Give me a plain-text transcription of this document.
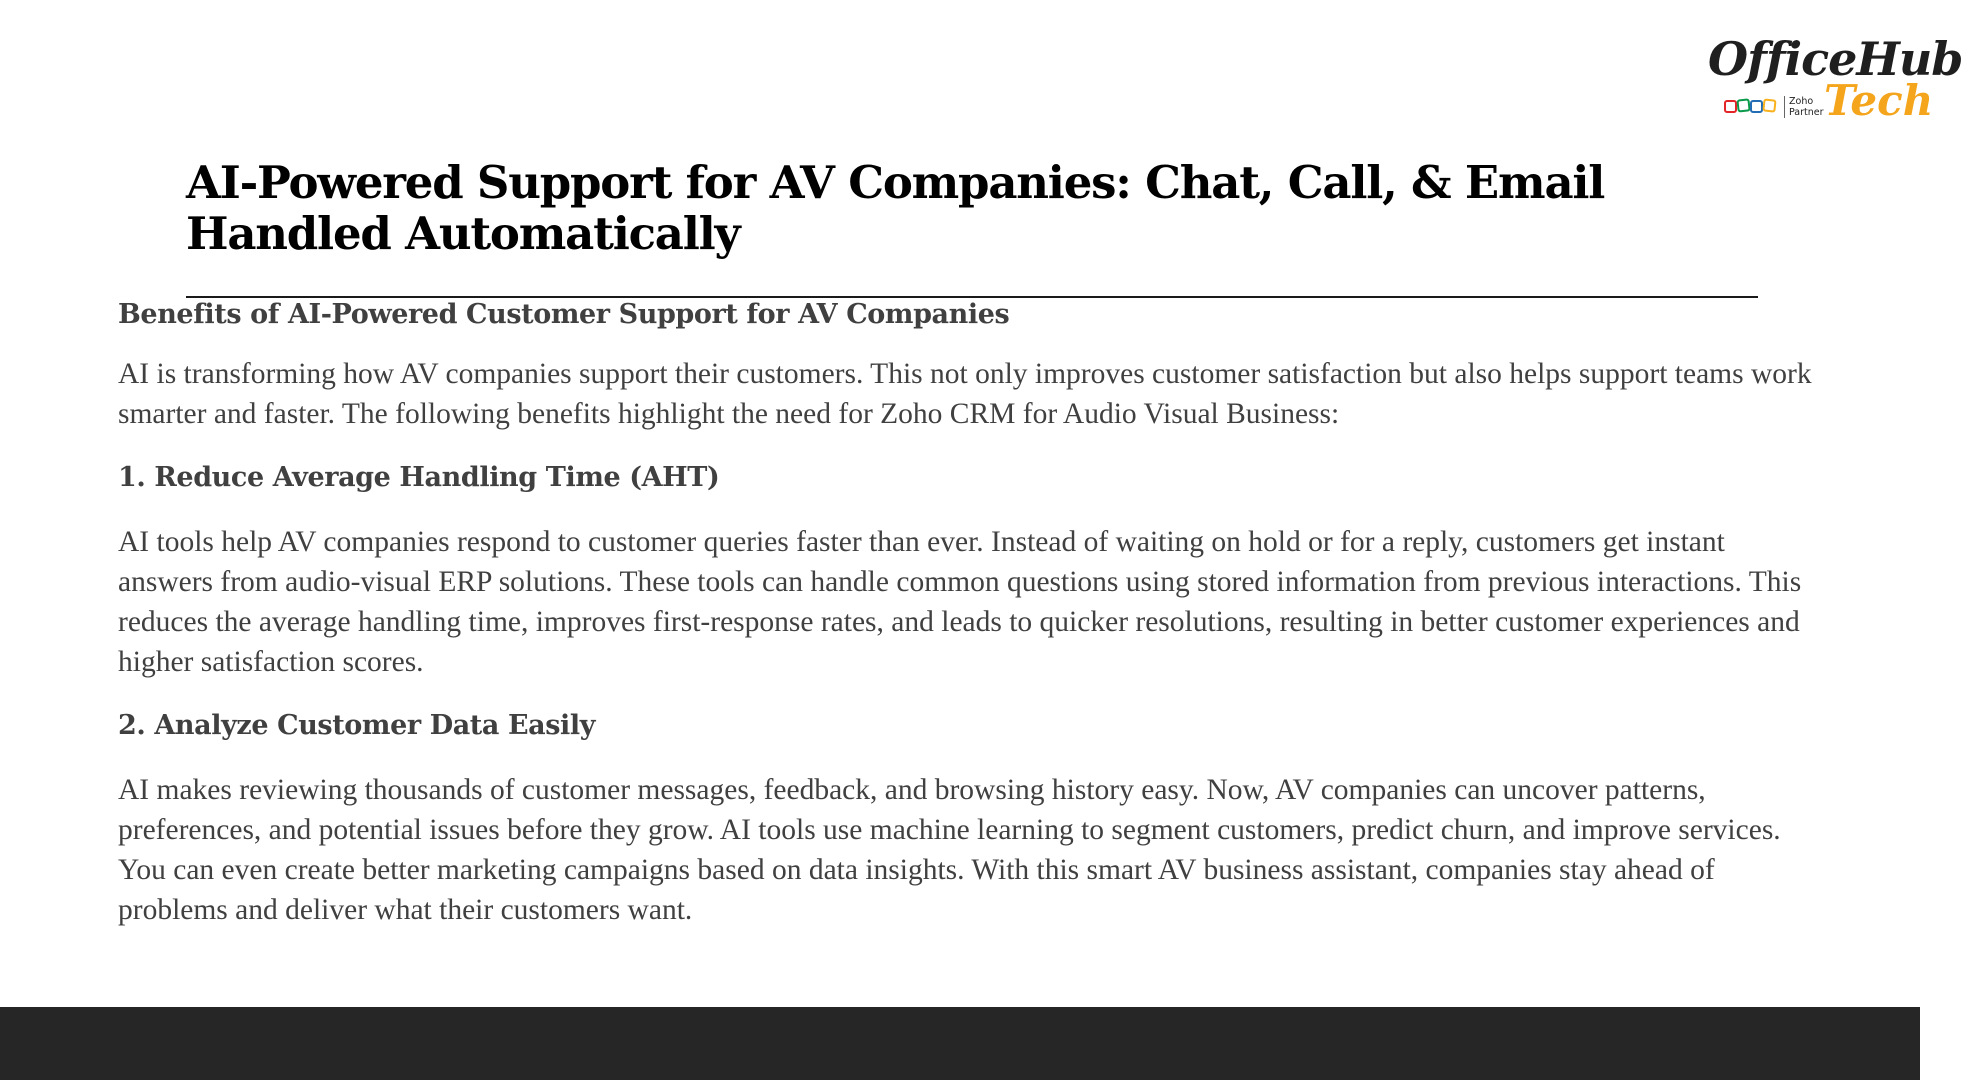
OfficeHub
Zoho
Partner Tech
AI-Powered Support for AV Companies: Chat, Call, & Email
Handled Automatically
Benefits of AI-Powered Customer Support for AV Companies

AI is transforming how AV companies support their customers. This not only improves customer satisfaction but also helps support teams work smarter and faster. The following benefits highlight the need for Zoho CRM for Audio Visual Business:

1. Reduce Average Handling Time (AHT)

AI tools help AV companies respond to customer queries faster than ever. Instead of waiting on hold or for a reply, customers get instant answers from audio-visual ERP solutions. These tools can handle common questions using stored information from previous interactions. This reduces the average handling time, improves first-response rates, and leads to quicker resolutions, resulting in better customer experiences and higher satisfaction scores.

2. Analyze Customer Data Easily

AI makes reviewing thousands of customer messages, feedback, and browsing history easy. Now, AV companies can uncover patterns, preferences, and potential issues before they grow. AI tools use machine learning to segment customers, predict churn, and improve services. You can even create better marketing campaigns based on data insights. With this smart AV business assistant, companies stay ahead of problems and deliver what their customers want.
